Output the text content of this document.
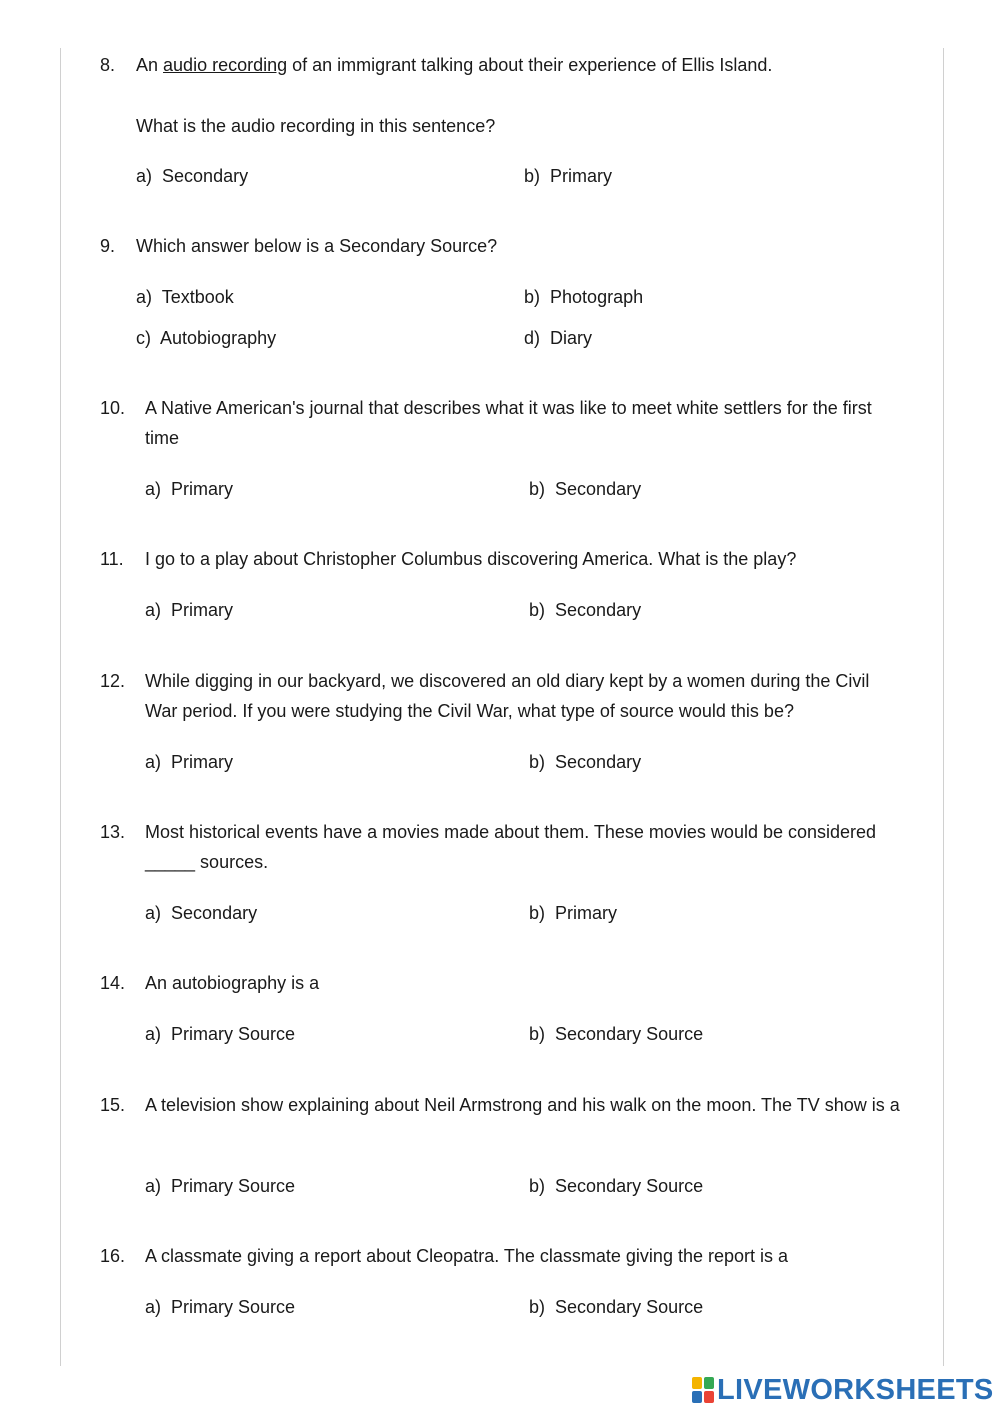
8. An audio recording of an immigrant talking about their experience of Ellis Island.
What is the audio recording in this sentence?
a) Secondary	b) Primary
9. Which answer below is a Secondary Source?
a) Textbook	b) Photograph
c) Autobiography	d) Diary
10. A Native American's journal that describes what it was like to meet white settlers for the first time
a) Primary	b) Secondary
11. I go to a play about Christopher Columbus discovering America. What is the play?
a) Primary	b) Secondary
12. While digging in our backyard, we discovered an old diary kept by a women during the Civil War period. If you were studying the Civil War, what type of source would this be?
a) Primary	b) Secondary
13. Most historical events have a movies made about them. These movies would be considered _____ sources.
a) Secondary	b) Primary
14. An autobiography is a
a) Primary Source	b) Secondary Source
15. A television show explaining about Neil Armstrong and his walk on the moon. The TV show is a
a) Primary Source	b) Secondary Source
16. A classmate giving a report about Cleopatra. The classmate giving the report is a
a) Primary Source	b) Secondary Source
LIVEWORKSHEETS
